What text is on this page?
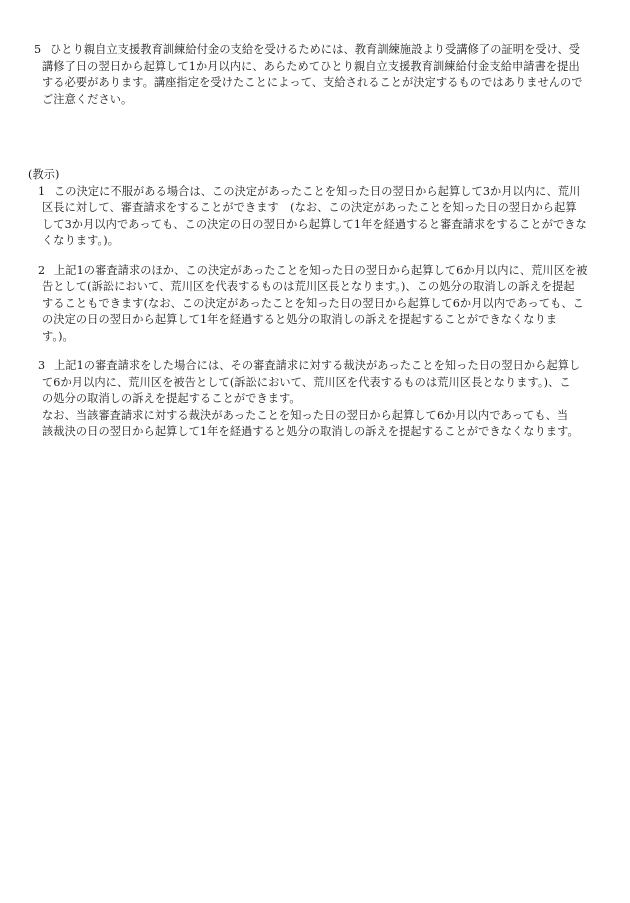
5 ひとり親自立支援教育訓練給付金の支給を受けるためには、教育訓練施設より受講修了の証明を受け、受
講修了日の翌日から起算して1か月以内に、あらためてひとり親自立支援教育訓練給付金支給申請書を提出
する必要があります。講座指定を受けたことによって、支給されることが決定するものではありませんので
ご注意ください。
(教示)
1 この決定に不服がある場合は、この決定があったことを知った日の翌日から起算して3か月以内に、荒川
区長に対して、審査請求をすることができます　(なお、この決定があったことを知った日の翌日から起算
して3か月以内であっても、この決定の日の翌日から起算して1年を経過すると審査請求をすることができな
くなります。)。
2 上記1の審査請求のほか、この決定があったことを知った日の翌日から起算して6か月以内に、荒川区を被
告として(訴訟において、荒川区を代表するものは荒川区長となります。)、この処分の取消しの訴えを提起
することもできます(なお、この決定があったことを知った日の翌日から起算して6か月以内であっても、こ
の決定の日の翌日から起算して1年を経過すると処分の取消しの訴えを提起することができなくなりま
す。)。
3 上記1の審査請求をした場合には、その審査請求に対する裁決があったことを知った日の翌日から起算し
て6か月以内に、荒川区を被告として(訴訟において、荒川区を代表するものは荒川区長となります。)、こ
の処分の取消しの訴えを提起することができます。
なお、当該審査請求に対する裁決があったことを知った日の翌日から起算して6か月以内であっても、当
該裁決の日の翌日から起算して1年を経過すると処分の取消しの訴えを提起することができなくなります。
